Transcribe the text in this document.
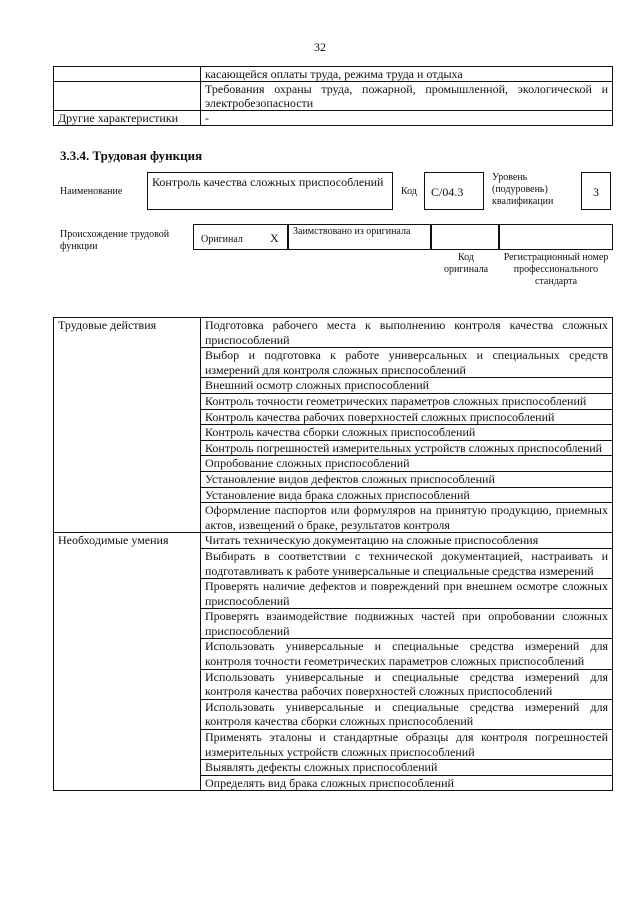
32
	касающейся оплаты труда, режима труда и отдыха
	Требования охраны труда, пожарной, промышленной, экологической и электробезопасности
Другие характеристики	-
3.3.4. Трудовая функция
Наименование
Контроль качества сложных приспособлений
Код	С/04.3
Уровень (подуровень) квалификации
3
Происхождение трудовой функции
Оригинал X	Заимствовано из оригинала
Код оригинала
Регистрационный номер профессионального стандарта
Трудовые действия	Подготовка рабочего места к выполнению контроля качества сложных приспособлений
	Выбор и подготовка к работе универсальных и специальных средств измерений для контроля сложных приспособлений
	Внешний осмотр сложных приспособлений
	Контроль точности геометрических параметров сложных приспособлений
	Контроль качества рабочих поверхностей сложных приспособлений
	Контроль качества сборки сложных приспособлений
	Контроль погрешностей измерительных устройств сложных приспособлений
	Опробование сложных приспособлений
	Установление видов дефектов сложных приспособлений
	Установление вида брака сложных приспособлений
	Оформление паспортов или формуляров на принятую продукцию, приемных актов, извещений о браке, результатов контроля
Необходимые умения	Читать техническую документацию на сложные приспособления
	Выбирать в соответствии с технической документацией, настраивать и подготавливать к работе универсальные и специальные средства измерений
	Проверять наличие дефектов и повреждений при внешнем осмотре сложных приспособлений
	Проверять взаимодействие подвижных частей при опробовании сложных приспособлений
	Использовать универсальные и специальные средства измерений для контроля точности геометрических параметров сложных приспособлений
	Использовать универсальные и специальные средства измерений для контроля качества рабочих поверхностей сложных приспособлений
	Использовать универсальные и специальные средства измерений для контроля качества сборки сложных приспособлений
	Применять эталоны и стандартные образцы для контроля погрешностей измерительных устройств сложных приспособлений
	Выявлять дефекты сложных приспособлений
	Определять вид брака сложных приспособлений
